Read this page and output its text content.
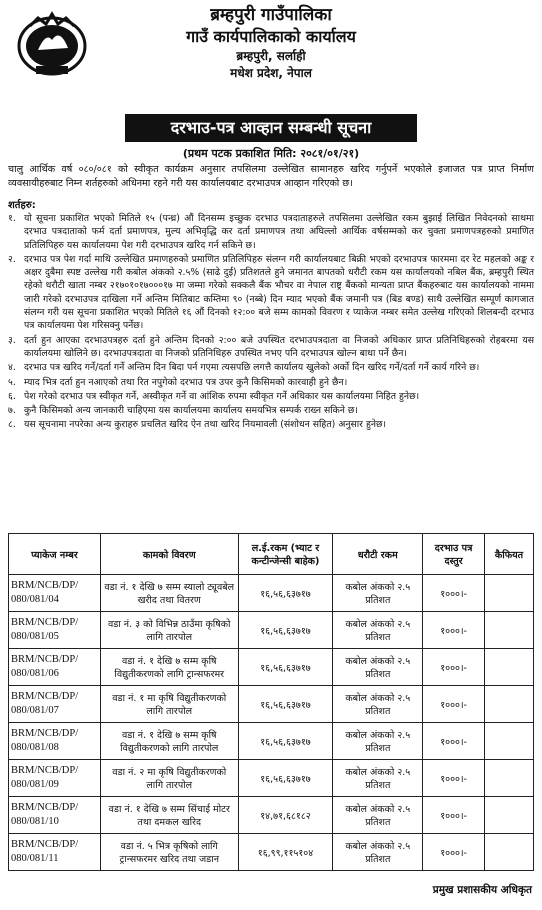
ब्रम्हपुरी गाउँपालिका
गाउँ कार्यपालिकाको कार्यालय
ब्रम्हपुरी, सर्लाही
मधेश प्रदेश, नेपाल
दरभाउ-पत्र आव्हान सम्बन्धी सूचना
(प्रथम पटक प्रकाशित मिति: २०८१/०१/२१)
चालु आर्थिक वर्ष ०८०/०८१ को स्वीकृत कार्यक्रम अनुसार तपसिलमा उल्लेखित सामानहरु खरिद गर्नुपर्ने भएकोले इजाजत पत्र प्राप्त निर्माण व्यवसायीहरुबाट निम्न शर्तहरुको अधिनमा रहने गरी यस कार्यालयबाट दरभाउपत्र आव्हान गरिएको छ।
शर्तहरु:
१. यो सूचना प्रकाशित भएको मितिले १५ (पन्ध्र) औं दिनसम्म इच्छुक दरभाउ पत्रदाताहरुले तपसिलमा उल्लेखित रकम बुझाई लिखित निवेदनको साथमा दरभाउ पत्रदाताको फर्म दर्ता प्रमाणपत्र, मुल्य अभिवृद्धि कर दर्ता प्रमाणपत्र तथा अघिल्लो आर्थिक वर्षसम्मको कर चुक्ता प्रमाणपत्रहरुको प्रमाणित प्रतिलिपिहरु यस कार्यालयमा पेश गरी दरभाउपत्र खरिद गर्न सकिने छ।
२. दरभाउ पत्र पेश गर्दा माथि उल्लेखित प्रमाणहरुको प्रमाणित प्रतिलिपिहरु संलग्न गरी कार्यालयबाट बिक्री भएको दरभाउपत्र फारममा दर रेट महलको अङ्क र अक्षर दुबैमा स्पष्ट उल्लेख गरी कबोल अंकको २.५% (साढे दुई) प्रतिशतले हुने जमानत बापतको धरौटी रकम यस कार्यालयको नबिल बैंक, ब्रम्हपुरी स्थित रहेको धरौटी खाता नम्बर २१७०१०१७०००१७ मा जम्मा गरेको सक्कलै बैंक भौचर वा नेपाल राष्ट्र बैंकको मान्यता प्राप्त बैंकहरुबाट यस कार्यालयको नाममा जारी गरेको दरभाउपत्र दाखिला गर्ने अन्तिम मितिबाट कम्तिमा ९० (नब्बे) दिन म्याद भएको बैंक जमानी पत्र (बिड बण्ड) साथै उल्लेखित सम्पूर्ण कागजात संलग्न गरी यस सूचना प्रकाशित भएको मितिले १६ औं दिनको १२:०० बजे सम्म कामको विवरण र प्याकेज नम्बर समेत उल्लेख गरिएको शिलबन्दी दरभाउ पत्र कार्यालयमा पेश गरिसक्नु पर्नेछ।
३. दर्ता हुन आएका दरभाउपत्रहरु दर्ता हुने अन्तिम दिनको २:०० बजे उपस्थित दरभाउपत्रदाता वा निजको अधिकार प्राप्त प्रतिनिधिहरुको रोहबरमा यस कार्यालयमा खोलिने छ। दरभाउपत्रदाता वा निजको प्रतिनिधिहरु उपस्थित नभए पनि दरभाउपत्र खोल्न बाधा पर्ने छैन।
४. दरभाउ पत्र खरिद गर्ने/दर्ता गर्ने अन्तिम दिन बिदा पर्न गएमा त्यसपछि लगत्तै कार्यालय खुलेको अर्को दिन खरिद गर्ने/दर्ता गर्ने कार्य गरिने छ।
५. म्याद भित्र दर्ता हुन नआएको तथा रित नपुगेको दरभाउ पत्र उपर कुनै किसिमको कारवाही हुने छैन।
६. पेश गरेको दरभाउ पत्र स्वीकृत गर्ने, अस्वीकृत गर्ने वा आंशिक रुपमा स्वीकृत गर्ने अधिकार यस कार्यालयमा निहित हुनेछ।
७. कुनै किसिमको अन्य जानकारी चाहिएमा यस कार्यालयमा कार्यालय समयभित्र सम्पर्क राख्न सकिने छ।
८. यस सूचनामा नपरेका अन्य कुराहरु प्रचलित खरिद ऐन तथा खरिद नियमावली (संशोधन सहित) अनुसार हुनेछ।
प्याकेज नम्बर	कामको विवरण	ल.ई.रकम (भ्याट र कन्टीन्जेन्सी बाहेक)	धरौटी रकम	दरभाउ पत्र दस्तुर	कैफियत
BRM/NCB/DP/
080/081/04	वडा नं. १ देखि ७ सम्म स्यालो ट्यूवबेल खरीद तथा वितरण	१६,५६,६३७१७	कबोल अंकको २.५ प्रतिशत	१०००।-	
BRM/NCB/DP/
080/081/05	वडा नं. ३ को विभिन्न ठाउँमा कृषिको लागि तारपोल	१६,५६,६३७१७	कबोल अंकको २.५ प्रतिशत	१०००।-	
BRM/NCB/DP/
080/081/06	वडा नं. १ देखि ७ सम्म कृषि विद्युतीकरणको लागि ट्रान्सफरमर	१६,५६,६३७१७	कबोल अंकको २.५ प्रतिशत	१०००।-	
BRM/NCB/DP/
080/081/07	वडा नं. १ मा कृषि विद्युतीकरणको लागि तारपोल	१६,५६,६३७१७	कबोल अंकको २.५ प्रतिशत	१०००।-	
BRM/NCB/DP/
080/081/08	वडा नं. १ देखि ७ सम्म कृषि विद्युतीकरणको लागि तारपोल	१६,५६,६३७१७	कबोल अंकको २.५ प्रतिशत	१०००।-	
BRM/NCB/DP/
080/081/09	वडा नं. २ मा कृषि विद्युतीकरणको लागि तारपोल	१६,५६,६३७१७	कबोल अंकको २.५ प्रतिशत	१०००।-	
BRM/NCB/DP/
080/081/10	वडा नं. १ देखि ७ सम्म सिंचाई मोटर तथा दमकल खरिद	१४,७१,६८१८२	कबोल अंकको २.५ प्रतिशत	१०००।-	
BRM/NCB/DP/
080/081/11	वडा नं. ५ भित्र कृषिको लागि ट्रान्सफरमर खरिद तथा जडान	१६,९९,११५१०४	कबोल अंकको २.५ प्रतिशत	१०००।-	
प्रमुख प्रशासकीय अधिकृत
